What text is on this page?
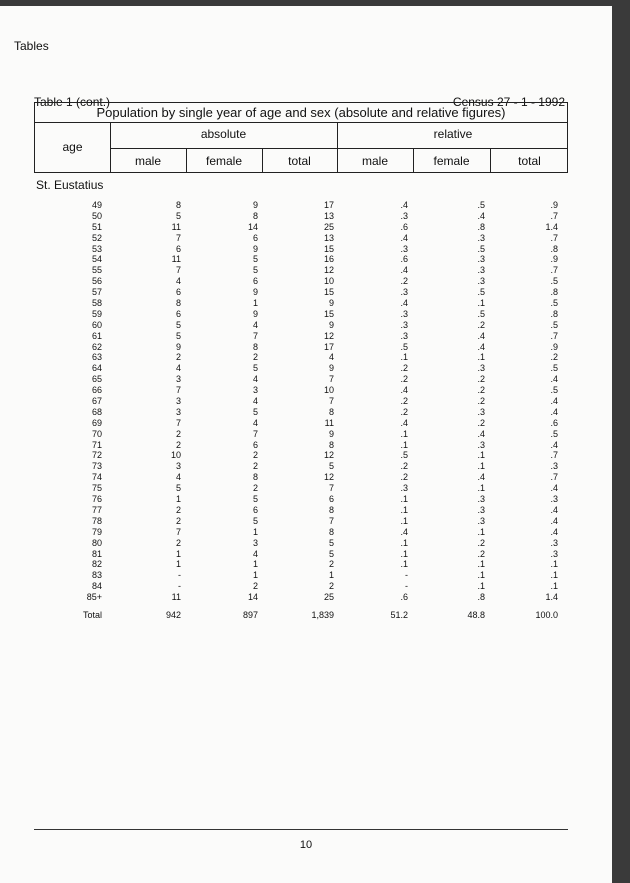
Tables
Table 1 (cont.)	Census 27 - 1 - 1992
Population by single year of age and sex (absolute and relative figures)
age
absolute	relative
male	female	total	male	female	total
St. Eustatius
49	8	9	17	.4	.5	.9
50	5	8	13	.3	.4	.7
51	11	14	25	.6	.8	1.4
52	7	6	13	.4	.3	.7
53	6	9	15	.3	.5	.8
54	11	5	16	.6	.3	.9
55	7	5	12	.4	.3	.7
56	4	6	10	.2	.3	.5
57	6	9	15	.3	.5	.8
58	8	1	9	.4	.1	.5
59	6	9	15	.3	.5	.8
60	5	4	9	.3	.2	.5
61	5	7	12	.3	.4	.7
62	9	8	17	.5	.4	.9
63	2	2	4	.1	.1	.2
64	4	5	9	.2	.3	.5
65	3	4	7	.2	.2	.4
66	7	3	10	.4	.2	.5
67	3	4	7	.2	.2	.4
68	3	5	8	.2	.3	.4
69	7	4	11	.4	.2	.6
70	2	7	9	.1	.4	.5
71	2	6	8	.1	.3	.4
72	10	2	12	.5	.1	.7
73	3	2	5	.2	.1	.3
74	4	8	12	.2	.4	.7
75	5	2	7	.3	.1	.4
76	1	5	6	.1	.3	.3
77	2	6	8	.1	.3	.4
78	2	5	7	.1	.3	.4
79	7	1	8	.4	.1	.4
80	2	3	5	.1	.2	.3
81	1	4	5	.1	.2	.3
82	1	1	2	.1	.1	.1
83	-	1	1	-	.1	.1
84	-	2	2	-	.1	.1
85+	11	14	25	.6	.8	1.4
Total	942	897	1,839	51.2	48.8	100.0
10
